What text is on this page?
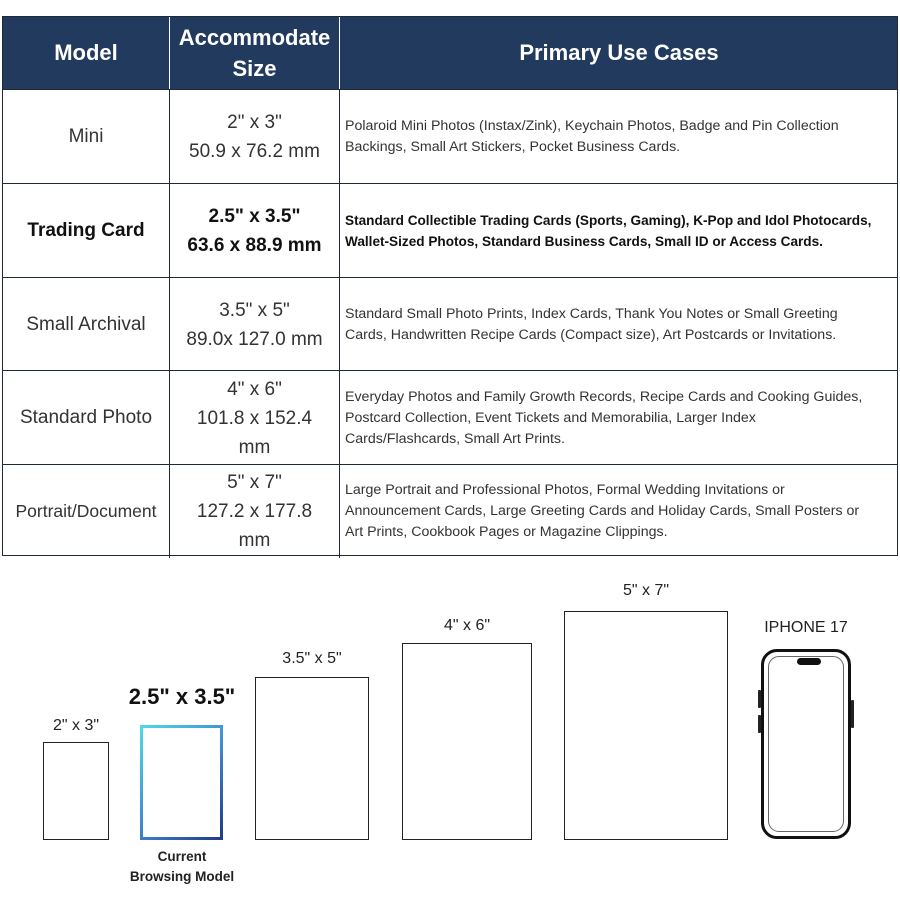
Model
Accommodate
Size
Primary Use Cases
Mini
2" x 3"
50.9 x 76.2 mm
Polaroid Mini Photos (Instax/Zink), Keychain Photos, Badge and Pin Collection
Backings, Small Art Stickers, Pocket Business Cards.
Trading Card
2.5" x 3.5"
63.6 x 88.9 mm
Standard Collectible Trading Cards (Sports, Gaming), K-Pop and Idol Photocards,
Wallet-Sized Photos, Standard Business Cards, Small ID or Access Cards.
Small Archival
3.5" x 5"
89.0x 127.0 mm
Standard Small Photo Prints, Index Cards, Thank You Notes or Small Greeting
Cards, Handwritten Recipe Cards (Compact size), Art Postcards or Invitations.
Standard Photo
4" x 6"
101.8 x 152.4
mm
Everyday Photos and Family Growth Records, Recipe Cards and Cooking Guides,
Postcard Collection, Event Tickets and Memorabilia, Larger Index
Cards/Flashcards, Small Art Prints.
Portrait/Document
5" x 7"
127.2 x 177.8
mm
Large Portrait and Professional Photos, Formal Wedding Invitations or
Announcement Cards, Large Greeting Cards and Holiday Cards, Small Posters or
Art Prints, Cookbook Pages or Magazine Clippings.
2" x 3"
2.5" x 3.5"
Current
Browsing Model
3.5" x 5"
4" x 6"
5" x 7"
IPHONE 17
